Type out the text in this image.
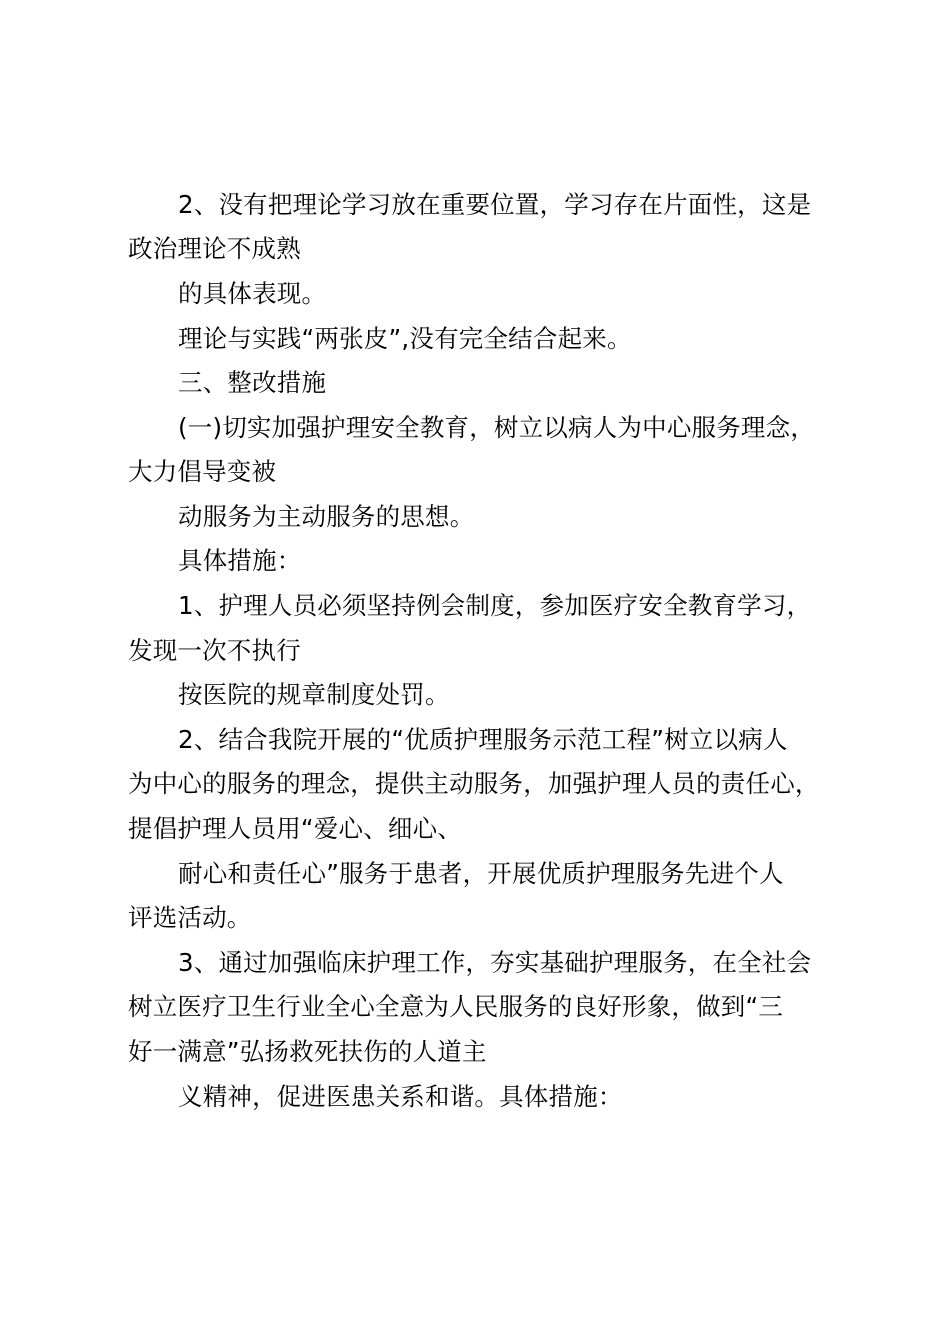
2、没有把理论学习放在重要位置，学习存在片面性，这是
政治理论不成熟
的具体表现。
理论与实践“两张皮”,没有完全结合起来。
三、整改措施
(一)切实加强护理安全教育，树立以病人为中心服务理念，
大力倡导变被
动服务为主动服务的思想。
具体措施：
1、护理人员必须坚持例会制度，参加医疗安全教育学习，
发现一次不执行
按医院的规章制度处罚。
2、结合我院开展的“优质护理服务示范工程”树立以病人
为中心的服务的理念，提供主动服务，加强护理人员的责任心，
提倡护理人员用“爱心、细心、
耐心和责任心”服务于患者，开展优质护理服务先进个人
评选活动。
3、通过加强临床护理工作，夯实基础护理服务，在全社会
树立医疗卫生行业全心全意为人民服务的良好形象，做到“三
好一满意”弘扬救死扶伤的人道主
义精神，促进医患关系和谐。具体措施：
